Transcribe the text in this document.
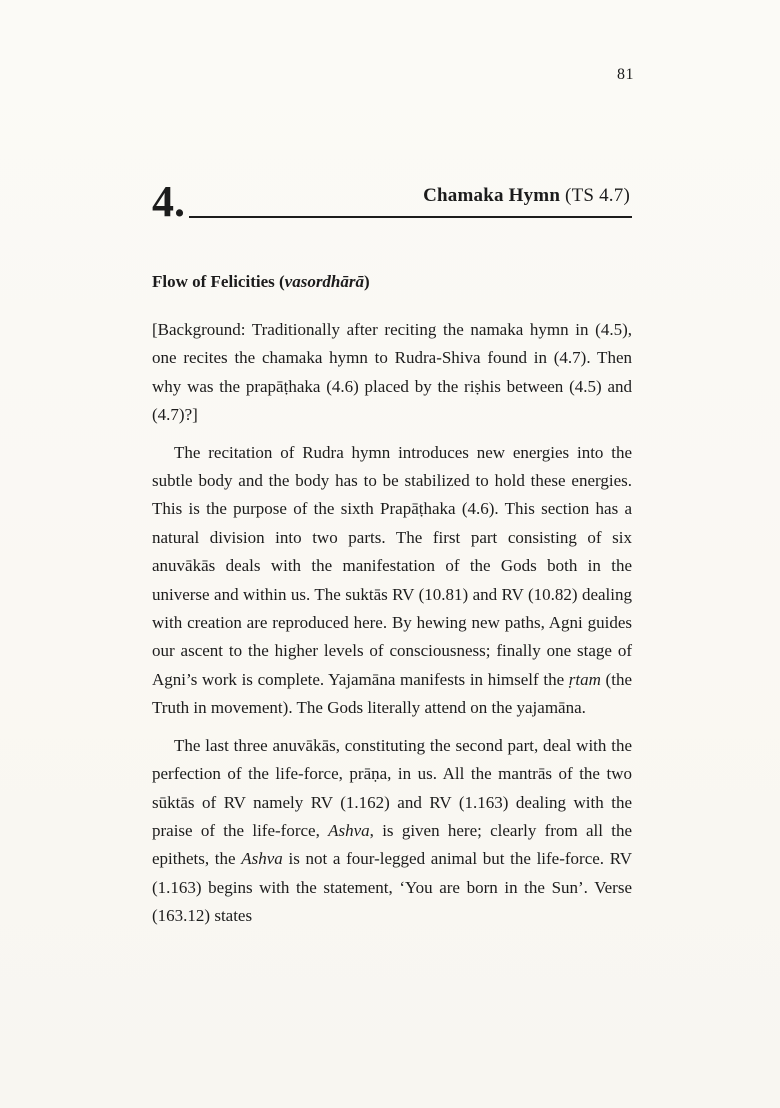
81
4.	Chamaka Hymn (TS 4.7)
Flow of Felicities (vasordhārā)

[Background: Traditionally after reciting the namaka hymn in (4.5), one recites the chamaka hymn to Rudra-Shiva found in (4.7). Then why was the prapāṭhaka (4.6) placed by the riṣhis between (4.5) and (4.7)?]

The recitation of Rudra hymn introduces new energies into the subtle body and the body has to be stabilized to hold these energies. This is the purpose of the sixth Prapāṭhaka (4.6). This section has a natural division into two parts. The first part consisting of six anuvākās deals with the manifestation of the Gods both in the universe and within us. The suktās RV (10.81) and RV (10.82) dealing with creation are reproduced here. By hewing new paths, Agni guides our ascent to the higher levels of consciousness; finally one stage of Agni’s work is complete. Yajamāna manifests in himself the ṛtam (the Truth in movement). The Gods literally attend on the yajamāna.

The last three anuvākās, constituting the second part, deal with the perfection of the life-force, prāṇa, in us. All the mantrās of the two sūktās of RV namely RV (1.162) and RV (1.163) dealing with the praise of the life-force, Ashva, is given here; clearly from all the epithets, the Ashva is not a four-legged animal but the life-force. RV (1.163) begins with the statement, ‘You are born in the Sun’. Verse (163.12) states
